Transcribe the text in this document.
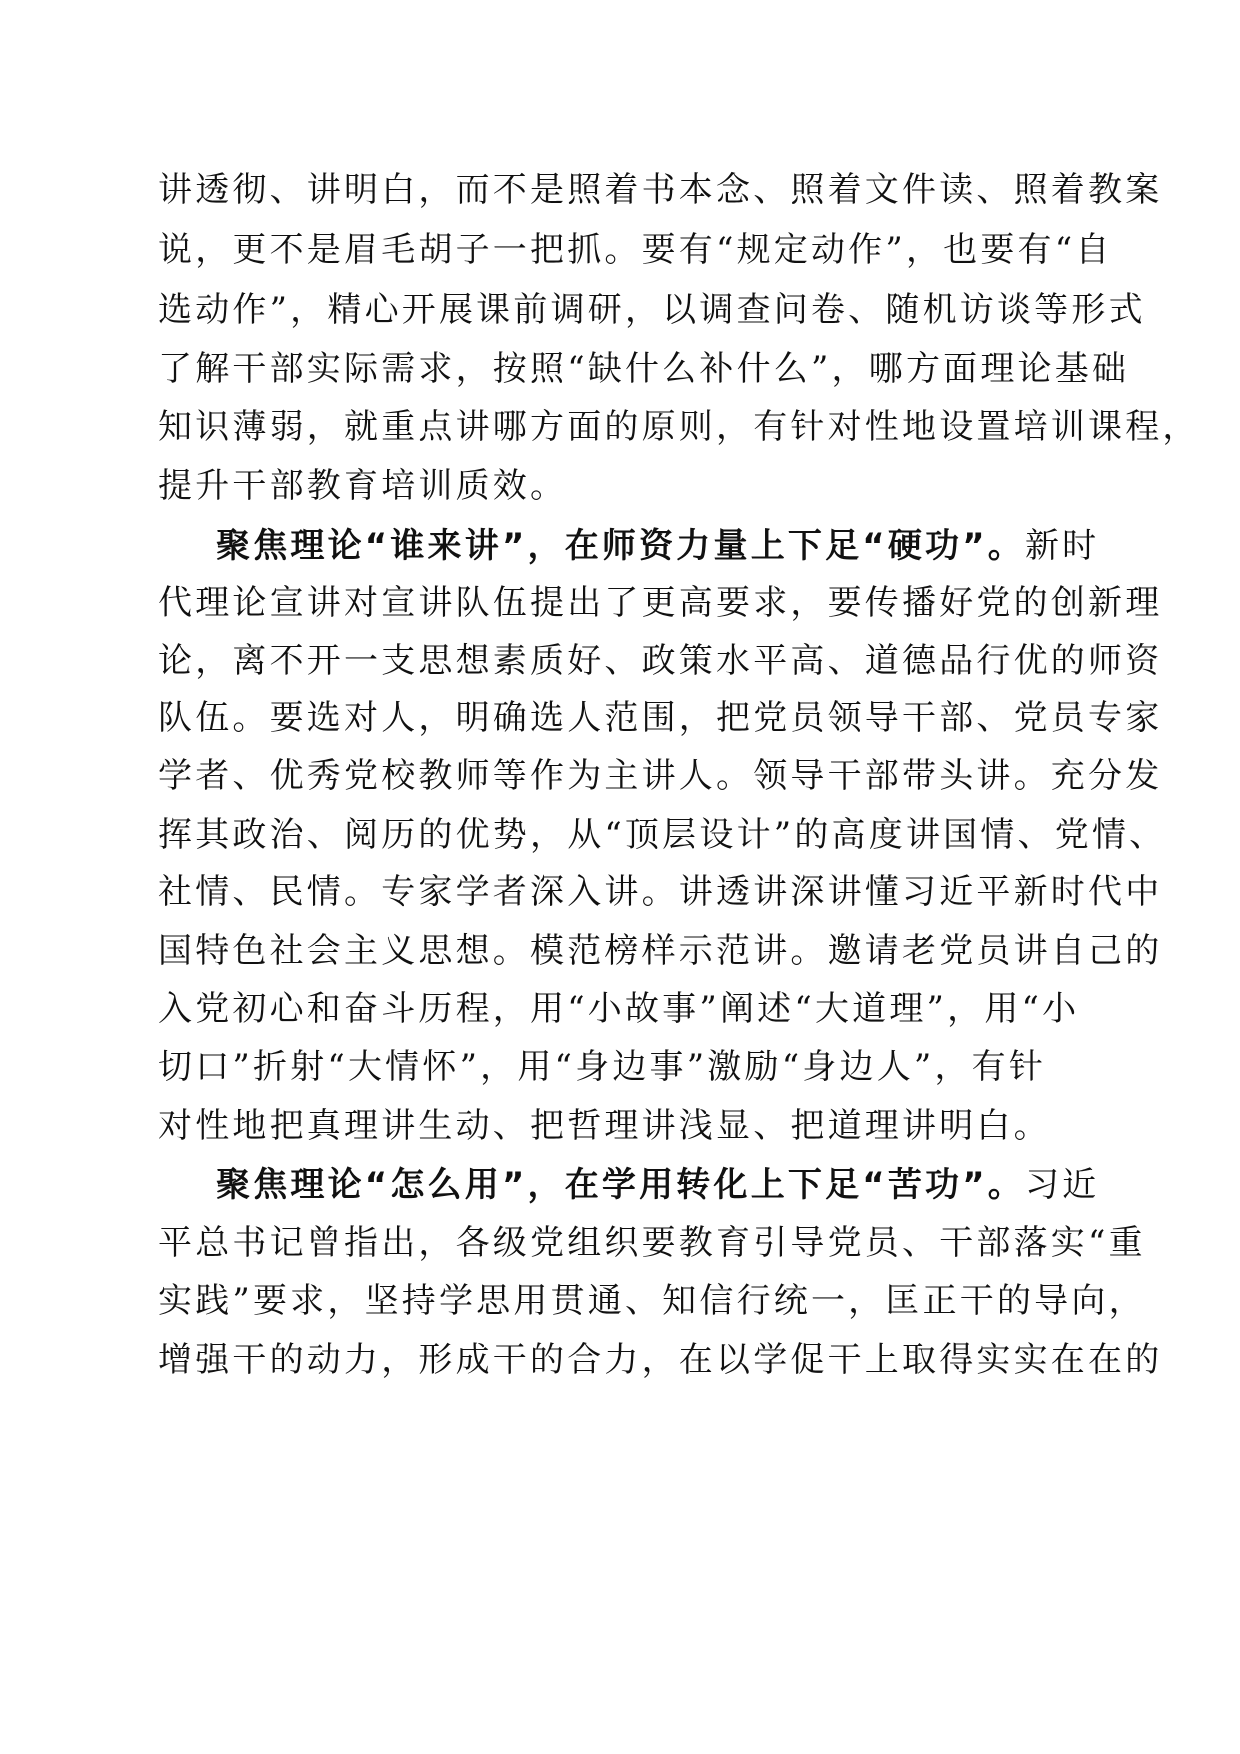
讲透彻、讲明白，而不是照着书本念、照着文件读、照着教案
说，更不是眉毛胡子一把抓。要有“规定动作”，也要有“自
选动作”，精心开展课前调研，以调查问卷、随机访谈等形式
了解干部实际需求，按照“缺什么补什么”，哪方面理论基础
知识薄弱，就重点讲哪方面的原则，有针对性地设置培训课程，
提升干部教育培训质效。
聚焦理论“谁来讲”，在师资力量上下足“硬功”。新时
代理论宣讲对宣讲队伍提出了更高要求，要传播好党的创新理
论，离不开一支思想素质好、政策水平高、道德品行优的师资
队伍。要选对人，明确选人范围，把党员领导干部、党员专家
学者、优秀党校教师等作为主讲人。领导干部带头讲。充分发
挥其政治、阅历的优势，从“顶层设计”的高度讲国情、党情、
社情、民情。专家学者深入讲。讲透讲深讲懂习近平新时代中
国特色社会主义思想。模范榜样示范讲。邀请老党员讲自己的
入党初心和奋斗历程，用“小故事”阐述“大道理”，用“小
切口”折射“大情怀”，用“身边事”激励“身边人”，有针
对性地把真理讲生动、把哲理讲浅显、把道理讲明白。
聚焦理论“怎么用”，在学用转化上下足“苦功”。习近
平总书记曾指出，各级党组织要教育引导党员、干部落实“重
实践”要求，坚持学思用贯通、知信行统一，匡正干的导向，
增强干的动力，形成干的合力，在以学促干上取得实实在在的
